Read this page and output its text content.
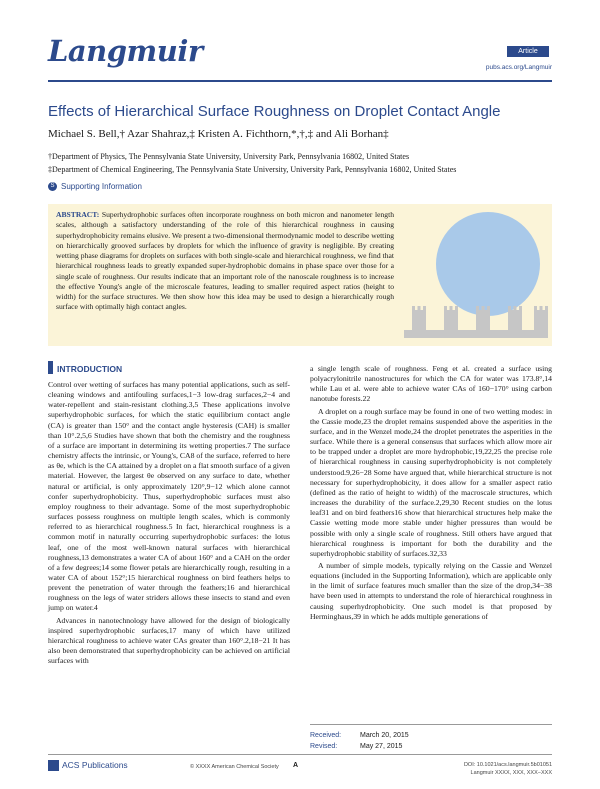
Langmuir	Article
pubs.acs.org/Langmuir
Effects of Hierarchical Surface Roughness on Droplet Contact Angle
Michael S. Bell,† Azar Shahraz,‡ Kristen A. Fichthorn,*,†,‡ and Ali Borhan‡
†Department of Physics, The Pennsylvania State University, University Park, Pennsylvania 16802, United States
‡Department of Chemical Engineering, The Pennsylvania State University, University Park, Pennsylvania 16802, United States
S Supporting Information
ABSTRACT: Superhydrophobic surfaces often incorporate roughness on both micron and nanometer length scales, although a satisfactory understanding of the role of this hierarchical roughness in causing superhydrophobicity remains elusive. We present a two-dimensional thermodynamic model to describe wetting on hierarchically grooved surfaces by droplets for which the influence of gravity is negligible. By creating wetting phase diagrams for droplets on surfaces with both single-scale and hierarchical roughness, we find that hierarchical roughness leads to greatly expanded super-hydrophobic domains in phase space over those for a single scale of roughness. Our results indicate that an important role of the nanoscale roughness is to increase the effective Young's angle of the microscale features, leading to smaller required aspect ratios (height to width) for the surface structures. We then show how this idea may be used to design a hierarchically rough surface with optimally high contact angles.
INTRODUCTION

Control over wetting of surfaces has many potential applications, such as self-cleaning windows and antifouling surfaces,1−3 low-drag surfaces,2−4 and water-repellent and stain-resistant clothing.3,5 These applications involve superhydrophobic surfaces, for which the static equilibrium contact angle (CA) is greater than 150° and the contact angle hysteresis (CAH) is smaller than 10°.2,5,6 Studies have shown that both the chemistry and the roughness of a surface are important in determining its wetting properties.7 The surface chemistry affects the intrinsic, or Young's, CA8 of the surface, referred to here as θe, which is the CA attained by a droplet on a flat smooth surface of a given material. However, the largest θe observed on any surface to date, whether natural or artificial, is only approximately 120°,9−12 which alone cannot confer superhydrophobicity. Thus, superhydrophobic surfaces must also employ roughness to their advantage. Some of the most superhydrophobic surfaces possess roughness on multiple length scales, which is commonly referred to as hierarchical roughness.5 In fact, hierarchical roughness is a common motif in naturally occurring superhydrophobic surfaces: the lotus leaf, one of the most well-known natural surfaces with hierarchical roughness,13 demonstrates a water CA of about 160° and a CAH on the order of a few degrees;14 some flower petals are hierarchically rough, resulting in a water CA of about 152°;15 hierarchical roughness on bird feathers helps to prevent the penetration of water through the feathers;16 and hierarchical roughness on the legs of water striders allows these insects to stand and even jump on water.4

Advances in nanotechnology have allowed for the design of biologically inspired superhydrophobic surfaces,17 many of which have utilized hierarchical roughness to achieve water CAs greater than 160°.2,18−21 It has also been demonstrated that superhydrophobicity can be achieved on artificial surfaces with

a single length scale of roughness. Feng et al. created a surface using polyacrylonitrile nanostructures for which the CA for water was 173.8°,14 while Lau et al. were able to achieve water CAs of 160−170° using carbon nanotube forests.22

A droplet on a rough surface may be found in one of two wetting modes: in the Cassie mode,23 the droplet remains suspended above the asperities in the surface, and in the Wenzel mode,24 the droplet penetrates the asperities in the surface. While there is a general consensus that surfaces which allow more air to be trapped under a droplet are more hydrophobic,19,22,25 the precise role of hierarchical roughness in causing superhydrophobicity is not completely understood.9,26−28 Some have argued that, while hierarchical structure is not necessary for superhydrophobicity, it does allow for a smaller aspect ratio (defined as the ratio of height to width) of the macroscale structures, which increases the durability of the surface.2,29,30 Recent studies on the lotus leaf31 and on bird feathers16 show that hierarchical structures help make the Cassie wetting mode more stable under higher pressures than would be possible with only a single scale of roughness. Still others have argued that hierarchical roughness is important for both the durability and the superhydrophobic stability of surfaces.32,33

A number of simple models, typically relying on the Cassie and Wenzel equations (included in the Supporting Information), which are applicable only in the limit of surface features much smaller than the size of the drop,34−38 have been used in attempts to understand the role of hierarchical roughness in causing superhydrophobicity. One such model is that proposed by Herminghaus,39 in which he adds multiple generations of

Received:	March 20, 2015
Revised:	May 27, 2015
ACS Publications	© XXXX American Chemical Society A	DOI: 10.1021/acs.langmuir.5b01051
Langmuir XXXX, XXX, XXX−XXX
